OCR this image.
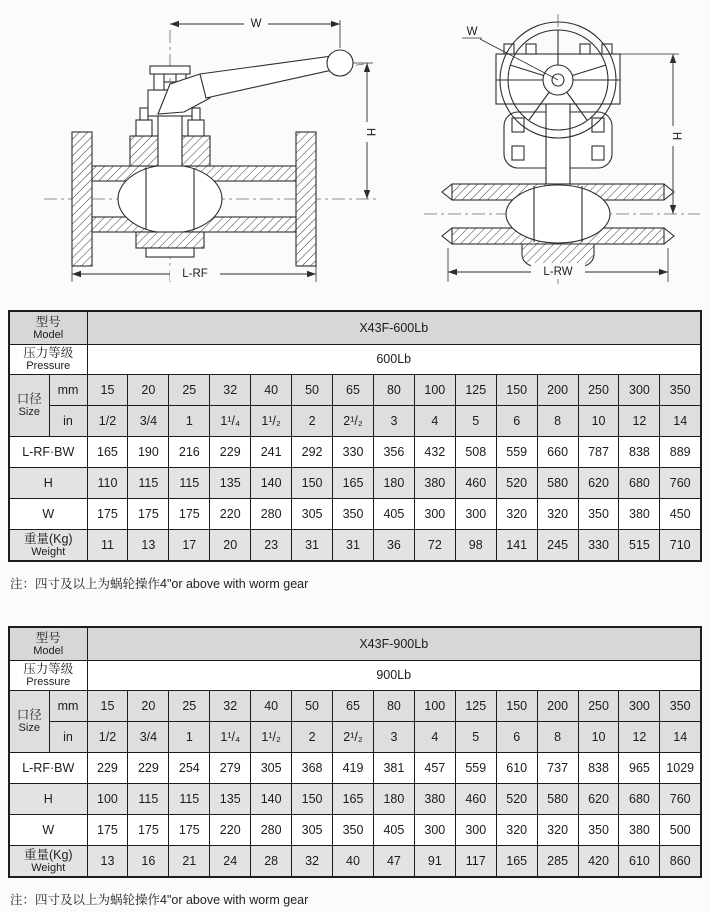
W
H
L-RF
W
H
L-RW
型号
Model		X43F-600Lb														

压力等级
Pressure		600Lb														

口径
Size	mm	15	20	25	32	40	50	65	80	100	125	150	200	250	300	350
	in	1/2	3/4	1	1¹/₄	1¹/₂	2	2¹/₂	3	4	5	6	8	10	12	14
L-RF·BW		165	190	216	229	241	292	330	356	432	508	559	660	787	838	889
H		110	115	115	135	140	150	165	180	380	460	520	580	620	680	760
W		175	175	175	220	280	305	350	405	300	300	320	320	350	380	450

重量(Kg)
Weight		11	13	17	20	23	31	31	36	72	98	141	245	330	515	710

注：四寸及以上为蜗轮操作4"or above with worm gear

型号
Model		X43F-900Lb														

压力等级
Pressure		900Lb														

口径
Size	mm	15	20	25	32	40	50	65	80	100	125	150	200	250	300	350
	in	1/2	3/4	1	1¹/₄	1¹/₂	2	2¹/₂	3	4	5	6	8	10	12	14
L-RF·BW		229	229	254	279	305	368	419	381	457	559	610	737	838	965	1029
H		100	115	115	135	140	150	165	180	380	460	520	580	620	680	760
W		175	175	175	220	280	305	350	405	300	300	320	320	350	380	500

重量(Kg)
Weight		13	16	21	24	28	32	40	47	91	117	165	285	420	610	860

注：四寸及以上为蜗轮操作4"or above with worm gear
